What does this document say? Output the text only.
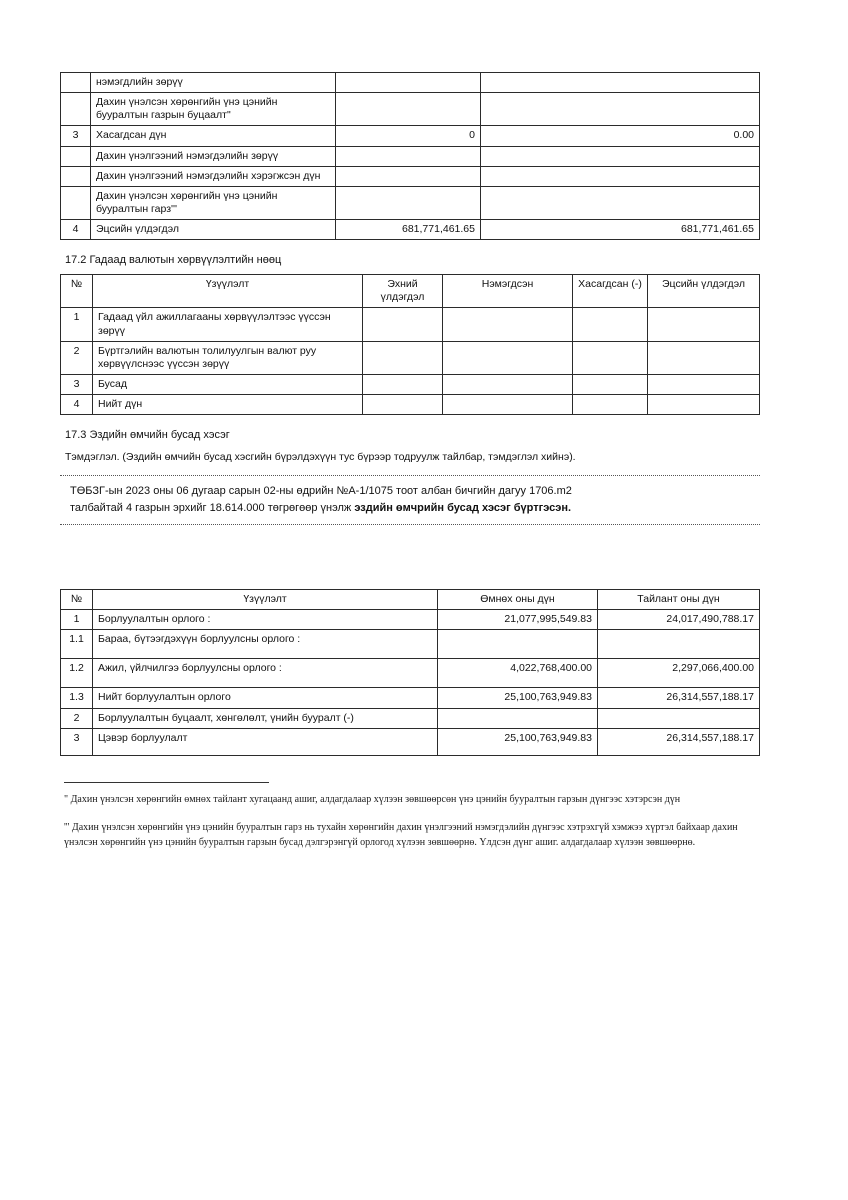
	нэмэгдлийн зөрүү		
	Дахин үнэлсэн хөрөнгийн үнэ цэнийн бууралтын газрын буцаалт"		
3	Хасагдсан дүн	0	0.00
	Дахин үнэлгээний нэмэгдэлийн зөрүү		
	Дахин үнэлгээний нэмэгдэлийн хэрэгжсэн дүн		
	Дахин үнэлсэн хөрөнгийн үнэ цэнийн бууралтын гарз'''		
4	Эцсийн үлдэгдэл	681,771,461.65	681,771,461.65
17.2 Гадаад валютын хөрвүүлэлтийн нөөц
№	Үзүүлэлт	Эхний үлдэгдэл	Нэмэгдсэн	Хасагдсан (-)	Эцсийн үлдэгдэл
1	Гадаад үйл ажиллагааны хөрвүүлэлтээс үүссэн зөрүү				
2	Бүртгэлийн валютын толилуулгын валют руу хөрвүүлснээс үүссэн зөрүү				
3	Бусад				
4	Нийт дүн				
17.3 Эздийн өмчийн бусад хэсэг
Тэмдэглэл. (Эздийн өмчийн бусад хэсгийн бүрэлдэхүүн тус бүрээр тодруулж тайлбар, тэмдэглэл хийнэ).
ТӨБЗГ-ын 2023 оны 06 дугаар сарын 02-ны өдрийн №А-1/1075 тоот албан бичгийн дагуу 1706.m2
талбайтай 4 газрын эрхийг 18.614.000 төгрөгөөр үнэлж эздийн өмчрийн бусад хэсэг бүртгэсэн.
№	Үзүүлэлт	Өмнөх оны дүн	Тайлант оны дүн
1	Борлуулалтын орлого :	21,077,995,549.83	24,017,490,788.17
1.1	Бараа, бүтээгдэхүүн борлуулсны орлого :		
1.2	Ажил, үйлчилгээ борлуулсны орлого :	4,022,768,400.00	2,297,066,400.00
1.3	Нийт борлуулалтын орлого	25,100,763,949.83	26,314,557,188.17
2	Борлуулалтын буцаалт, хөнгөлөлт, үнийн бууралт (-)		
3	Цэвэр борлуулалт	25,100,763,949.83	26,314,557,188.17
" Дахин үнэлсэн хөрөнгийн өмнөх тайлант хугацаанд ашиг, алдагдалаар хүлээн зөвшөөрсөн үнэ цэнийн бууралтын гарзын дүнгээс хэтэрсэн дүн
''' Дахин үнэлсэн хөрөнгийн үнэ цэнийн бууралтын гарз нь тухайн хөрөнгийн дахин үнэлгээний нэмэгдэлийн дүнгээс хэтрэхгүй хэмжээ хүртэл байхаар дахин үнэлсэн хөрөнгийн үнэ цэнийн бууралтын гарзын бусад дэлгэрэнгүй орлогод хүлээн зөвшөөрнө. Үлдсэн дүнг ашиг. алдагдалаар хүлээн зөвшөөрнө.
